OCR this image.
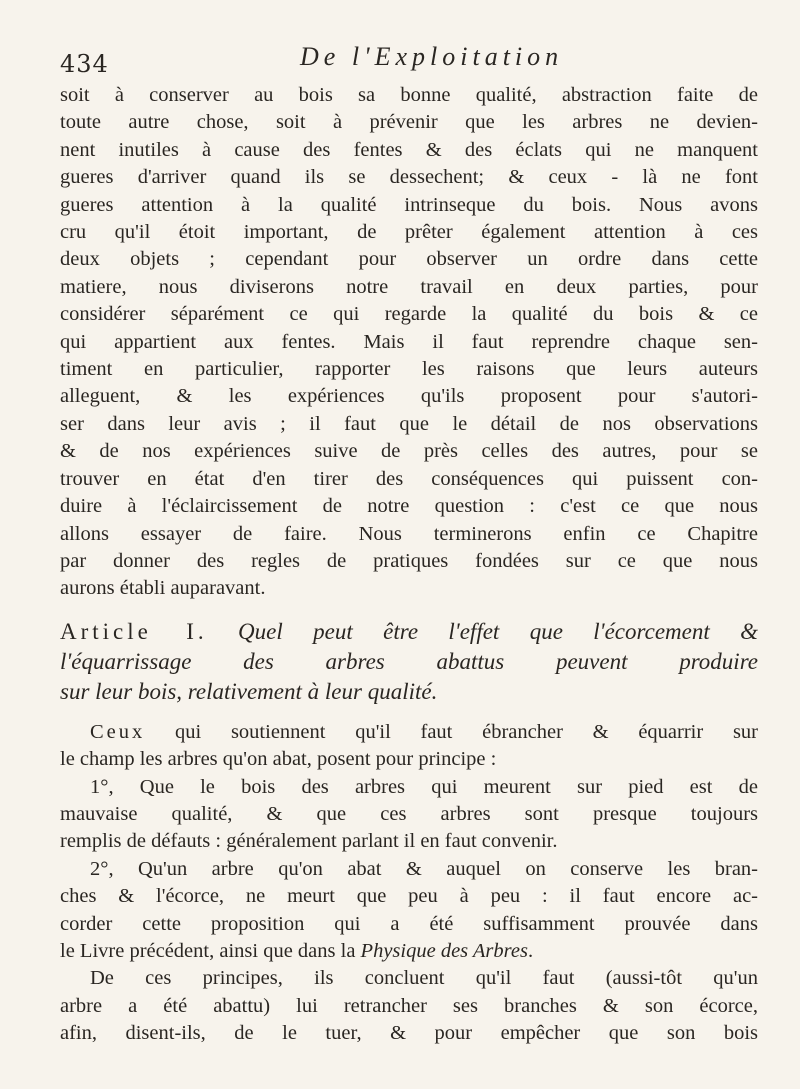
434	De l'Exploitation
soit à conserver au bois sa bonne qualité, abstraction faite de
toute autre chose, soit à prévenir que les arbres ne devien-
nent inutiles à cause des fentes & des éclats qui ne manquent
gueres d'arriver quand ils se dessechent; & ceux - là ne font
gueres attention à la qualité intrinseque du bois. Nous avons
cru qu'il étoit important, de prêter également attention à ces
deux objets ; cependant pour observer un ordre dans cette
matiere, nous diviserons notre travail en deux parties, pour
considérer séparément ce qui regarde la qualité du bois & ce
qui appartient aux fentes. Mais il faut reprendre chaque sen-
timent en particulier, rapporter les raisons que leurs auteurs
alleguent, & les expériences qu'ils proposent pour s'autori-
ser dans leur avis ; il faut que le détail de nos observations
& de nos expériences suive de près celles des autres, pour se
trouver en état d'en tirer des conséquences qui puissent con-
duire à l'éclaircissement de notre question : c'est ce que nous
allons essayer de faire. Nous terminerons enfin ce Chapitre
par donner des regles de pratiques fondées sur ce que nous
aurons établi auparavant.
Article I. Quel peut être l'effet que l'écorcement &
l'équarrissage des arbres abattus peuvent produire
sur leur bois, relativement à leur qualité.
Ceux qui soutiennent qu'il faut ébrancher & équarrir sur
le champ les arbres qu'on abat, posent pour principe :
1°, Que le bois des arbres qui meurent sur pied est de
mauvaise qualité, & que ces arbres sont presque toujours
remplis de défauts : généralement parlant il en faut convenir.
2°, Qu'un arbre qu'on abat & auquel on conserve les bran-
ches & l'écorce, ne meurt que peu à peu : il faut encore ac-
corder cette proposition qui a été suffisamment prouvée dans
le Livre précédent, ainsi que dans la Physique des Arbres.
De ces principes, ils concluent qu'il faut (aussi-tôt qu'un
arbre a été abattu) lui retrancher ses branches & son écorce,
afin, disent-ils, de le tuer, & pour empêcher que son bois
